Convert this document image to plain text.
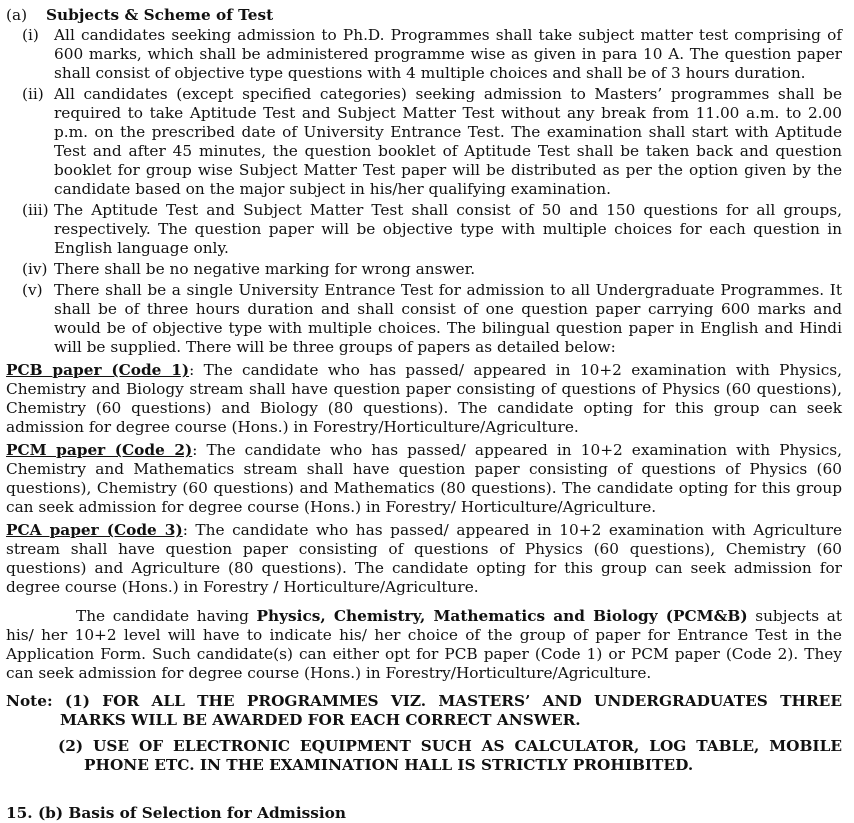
(a) Subjects & Scheme of Test
(i) All candidates seeking admission to Ph.D. Programmes shall take subject matter test comprising of 600 marks, which shall be administered programme wise as given in para 10 A. The question paper shall consist of objective type questions with 4 multiple choices and shall be of 3 hours duration.
(ii) All candidates (except specified categories) seeking admission to Masters’ programmes shall be required to take Aptitude Test and Subject Matter Test without any break from 11.00 a.m. to 2.00 p.m. on the prescribed date of University Entrance Test. The examination shall start with Aptitude Test and after 45 minutes, the question booklet of Aptitude Test shall be taken back and question booklet for group wise Subject Matter Test paper will be distributed as per the option given by the candidate based on the major subject in his/her qualifying examination.
(iii) The Aptitude Test and Subject Matter Test shall consist of 50 and 150 questions for all groups, respectively. The question paper will be objective type with multiple choices for each question in English language only.
(iv) There shall be no negative marking for wrong answer.
(v) There shall be a single University Entrance Test for admission to all Undergraduate Programmes. It shall be of three hours duration and shall consist of one question paper carrying 600 marks and would be of objective type with multiple choices. The bilingual question paper in English and Hindi will be supplied. There will be three groups of papers as detailed below:
PCB paper (Code 1): The candidate who has passed/ appeared in 10+2 examination with Physics, Chemistry and Biology stream shall have question paper consisting of questions of Physics (60 questions), Chemistry (60 questions) and Biology (80 questions). The candidate opting for this group can seek admission for degree course (Hons.) in Forestry/Horticulture/Agriculture.
PCM paper (Code 2): The candidate who has passed/ appeared in 10+2 examination with Physics, Chemistry and Mathematics stream shall have question paper consisting of questions of Physics (60 questions), Chemistry (60 questions) and Mathematics (80 questions). The candidate opting for this group can seek admission for degree course (Hons.) in Forestry/ Horticulture/Agriculture.
PCA paper (Code 3): The candidate who has passed/ appeared in 10+2 examination with Agriculture stream shall have question paper consisting of questions of Physics (60 questions), Chemistry (60 questions) and Agriculture (80 questions). The candidate opting for this group can seek admission for degree course (Hons.) in Forestry / Horticulture/Agriculture.
The candidate having Physics, Chemistry, Mathematics and Biology (PCM&B) subjects at his/ her 10+2 level will have to indicate his/ her choice of the group of paper for Entrance Test in the Application Form. Such candidate(s) can either opt for PCB paper (Code 1) or PCM paper (Code 2). They can seek admission for degree course (Hons.) in Forestry/Horticulture/Agriculture.
Note: (1) FOR ALL THE PROGRAMMES VIZ. MASTERS’ AND UNDERGRADUATES THREE MARKS WILL BE AWARDED FOR EACH CORRECT ANSWER.
(2) USE OF ELECTRONIC EQUIPMENT SUCH AS CALCULATOR, LOG TABLE, MOBILE PHONE ETC. IN THE EXAMINATION HALL IS STRICTLY PROHIBITED.
15. (b) Basis of Selection for Admission
